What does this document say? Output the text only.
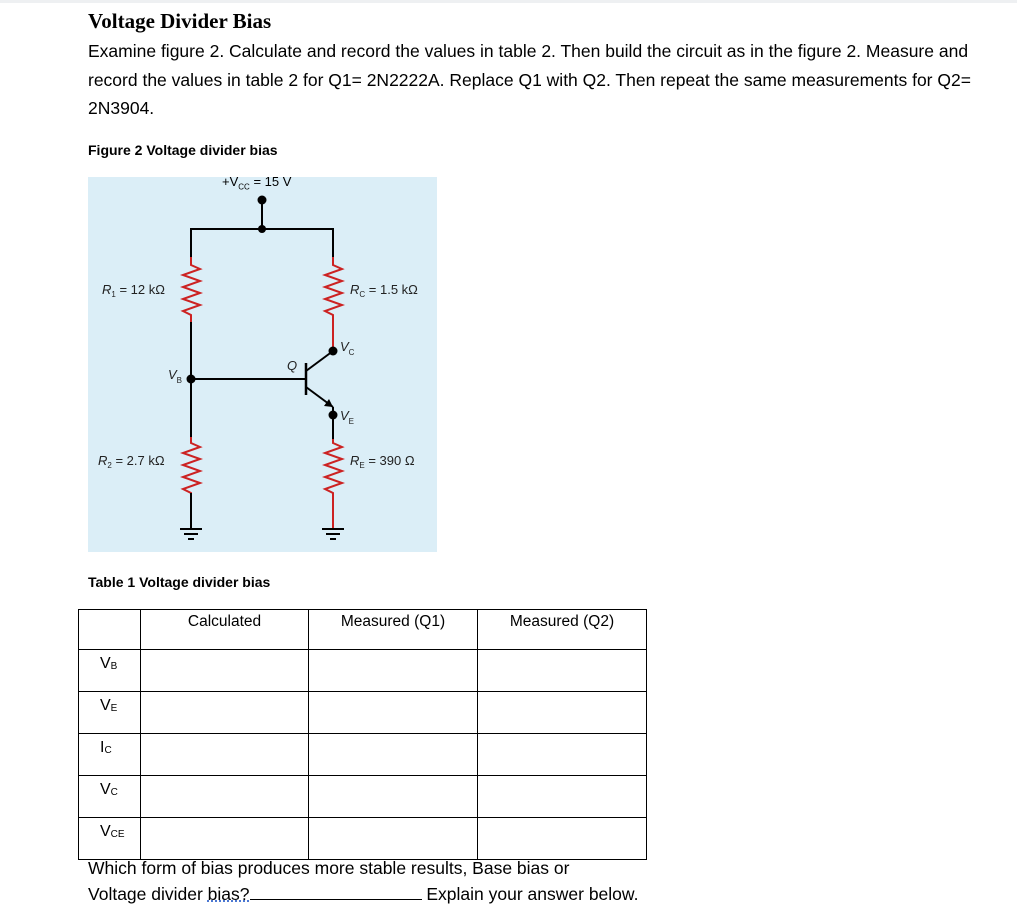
Voltage Divider Bias
Examine figure 2. Calculate and record the values in table 2. Then build the circuit as in the figure 2. Measure and record the values in table 2 for Q1= 2N2222A. Replace Q1 with Q2. Then repeat the same measurements for Q2= 2N3904.
Figure 2 Voltage divider bias
$R_1 = 12$ kΩ
$R_2 = 2.7$ kΩ
$R_C = 1.5$ kΩ
$R_E = 390$ Ω
$V_B$
$V_C$
$V_E$
Q
$+V_{CC} = 15$ V
Table 1 Voltage divider bias
	Calculated	Measured (Q1)	Measured (Q2)
$V_B$			
$V_E$			
$I_C$			
$V_C$			
$V_{CE}$			
Which form of bias produces more stable results, Base bias or
Voltage divider bias?	Explain your answer below.
